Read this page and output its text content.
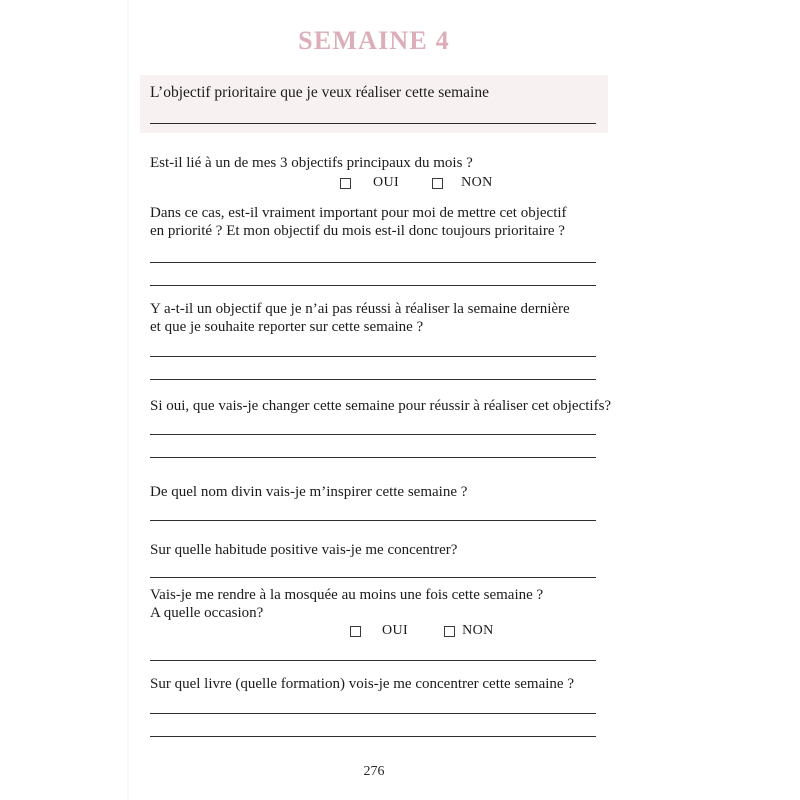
SEMAINE 4
L’objectif prioritaire que je veux réaliser cette semaine

Est-il lié à un de mes 3 objectifs principaux du mois ?

OUI	NON

Dans ce cas, est-il vraiment important pour moi de mettre cet objectif

en priorité ? Et mon objectif du mois est-il donc toujours prioritaire ?

Y a-t-il un objectif que je n’ai pas réussi à réaliser la semaine dernière

et que je souhaite reporter sur cette semaine ?

Si oui, que vais-je changer cette semaine pour réussir à réaliser cet objectifs?

De quel nom divin vais-je m’inspirer cette semaine ?

Sur quelle habitude positive vais-je me concentrer?

Vais-je me rendre à la mosquée au moins une fois cette semaine ?

A quelle occasion?

OUI	NON

Sur quel livre (quelle formation) vois-je me concentrer cette semaine ?

276
